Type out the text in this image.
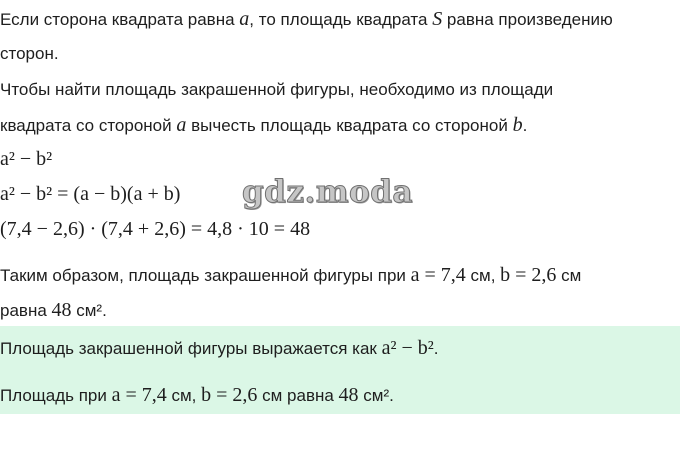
Если сторона квадрата равна a, то площадь квадрата S равна произведению
сторон.
Чтобы найти площадь закрашенной фигуры, необходимо из площади
квадрата со стороной a вычесть площадь квадрата со стороной b.
a² − b²
a² − b² = (a − b)(a + b)
(7,4 − 2,6) · (7,4 + 2,6) = 4,8 · 10 = 48
gdz.moda
Таким образом, площадь закрашенной фигуры при a = 7,4 см, b = 2,6 см
равна 48 см².
Площадь закрашенной фигуры выражается как a² − b².
Площадь при a = 7,4 см, b = 2,6 см равна 48 см².
